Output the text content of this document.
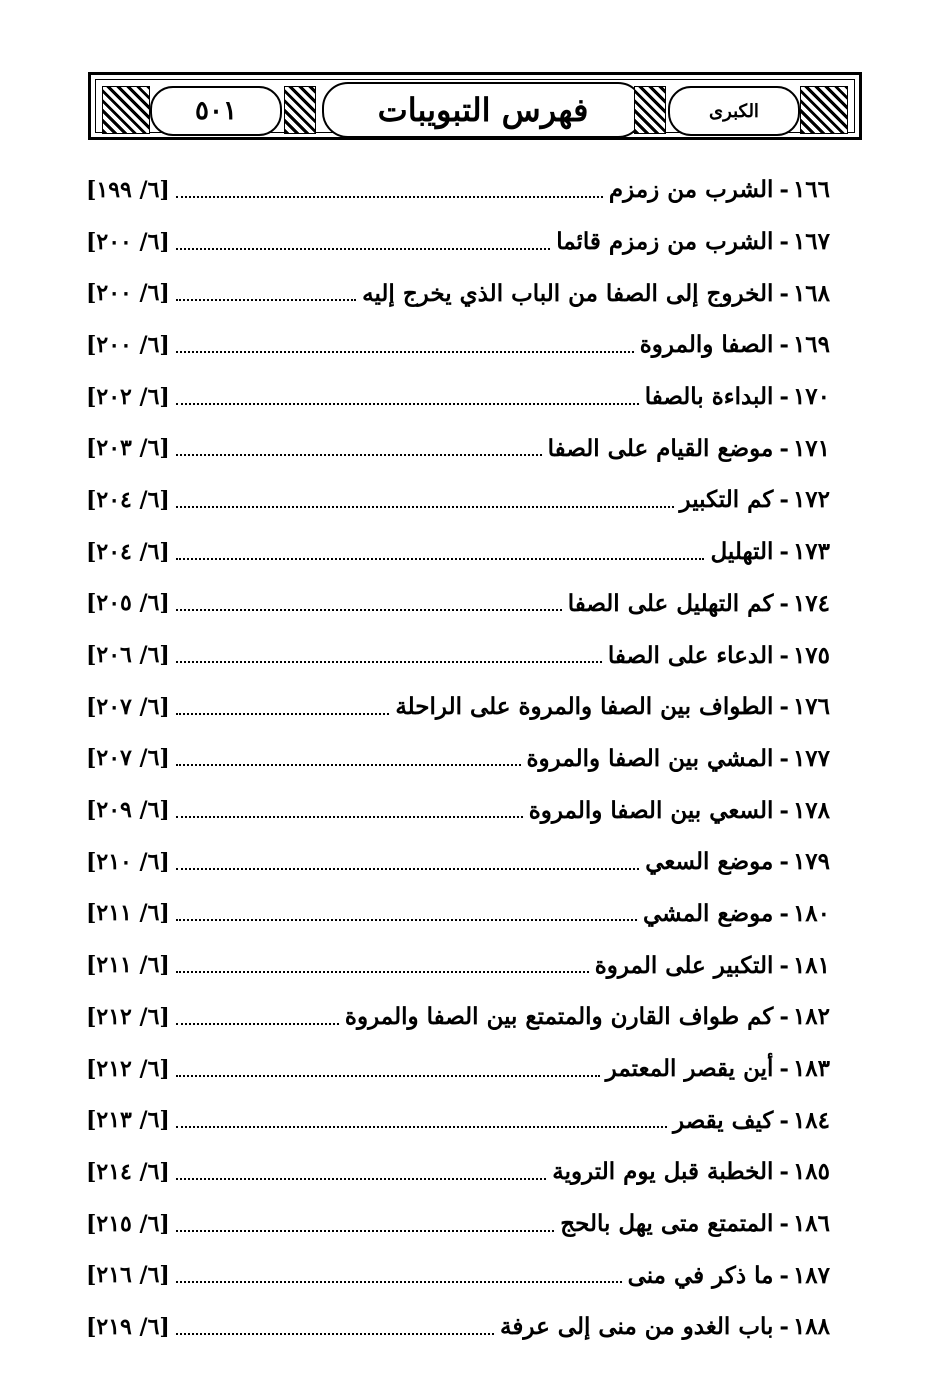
٥٠١	فهرس التبويبات	الكبرى
١٦٦
-
الشرب من زمزم
[٦/ ١٩٩]
١٦٧
-
الشرب من زمزم قائما
[٦/ ٢٠٠]
١٦٨
-
الخروج إلى الصفا من الباب الذي يخرج إليه
[٦/ ٢٠٠]
١٦٩
-
الصفا والمروة
[٦/ ٢٠٠]
١٧٠
-
البداءة بالصفا
[٦/ ٢٠٢]
١٧١
-
موضع القيام على الصفا
[٦/ ٢٠٣]
١٧٢
-
كم التكبير
[٦/ ٢٠٤]
١٧٣
-
التهليل
[٦/ ٢٠٤]
١٧٤
-
كم التهليل على الصفا
[٦/ ٢٠٥]
١٧٥
-
الدعاء على الصفا
[٦/ ٢٠٦]
١٧٦
-
الطواف بين الصفا والمروة على الراحلة
[٦/ ٢٠٧]
١٧٧
-
المشي بين الصفا والمروة
[٦/ ٢٠٧]
١٧٨
-
السعي بين الصفا والمروة
[٦/ ٢٠٩]
١٧٩
-
موضع السعي
[٦/ ٢١٠]
١٨٠
-
موضع المشي
[٦/ ٢١١]
١٨١
-
التكبير على المروة
[٦/ ٢١١]
١٨٢
-
كم طواف القارن والمتمتع بين الصفا والمروة
[٦/ ٢١٢]
١٨٣
-
أين يقصر المعتمر
[٦/ ٢١٢]
١٨٤
-
كيف يقصر
[٦/ ٢١٣]
١٨٥
-
الخطبة قبل يوم التروية
[٦/ ٢١٤]
١٨٦
-
المتمتع متى يهل بالحج
[٦/ ٢١٥]
١٨٧
-
ما ذكر في منى
[٦/ ٢١٦]
١٨٨
-
باب الغدو من منى إلى عرفة
[٦/ ٢١٩]
